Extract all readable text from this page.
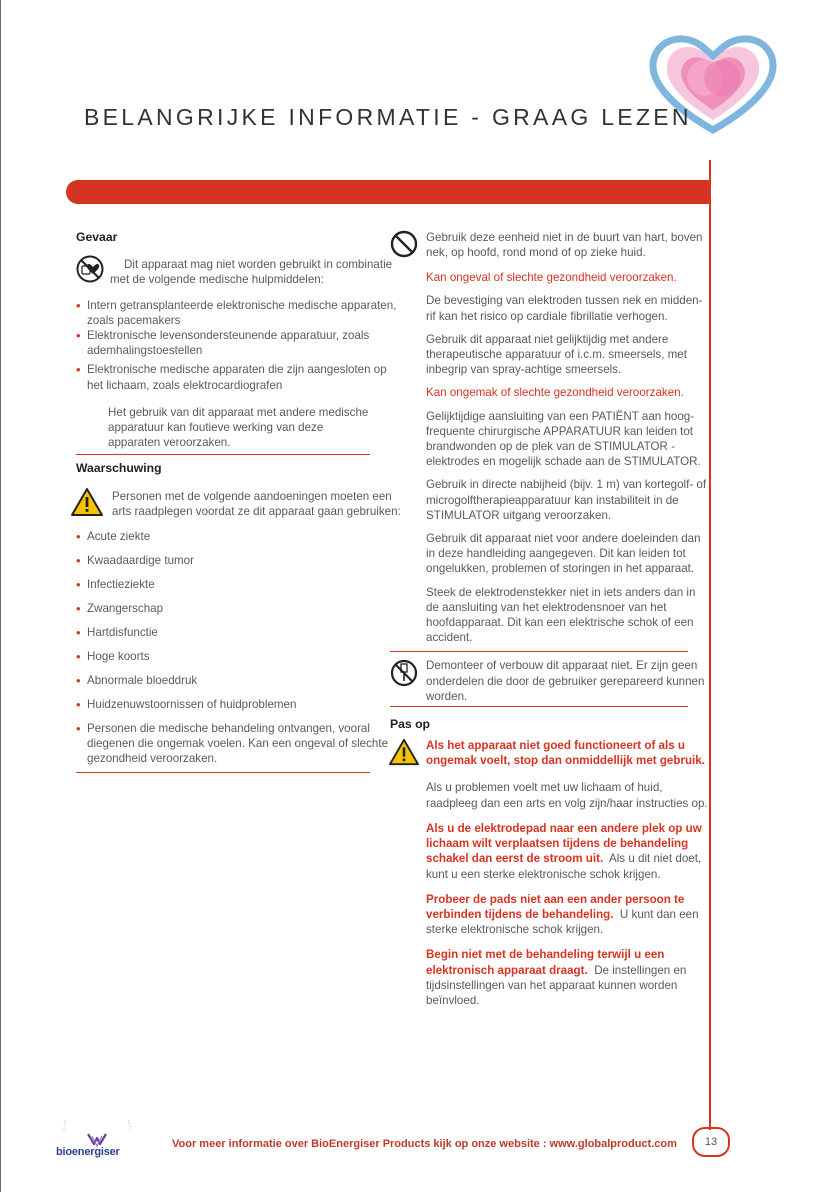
BELANGRIJKE INFORMATIE - GRAAG LEZEN
Gevaar

Dit apparaat mag niet worden gebruikt in combinatie met de volgende medische hulpmiddelen:

• Intern getransplanteerde elektronische medische apparaten, zoals pacemakers
• Elektronische levensondersteunende apparatuur, zoals ademhalingstoestellen
• Elektronische medische apparaten die zijn aangesloten op het lichaam, zoals elektrocardiografen

Het gebruik van dit apparaat met andere medische apparatuur kan foutieve werking van deze apparaten veroorzaken.

Waarschuwing

Personen met de volgende aandoeningen moeten een arts raadplegen voordat ze dit apparaat gaan gebruiken:

• Acute ziekte
• Kwaadaardige tumor
• Infectieziekte
• Zwangerschap
• Hartdisfunctie
• Hoge koorts
• Abnormale bloeddruk
• Huidzenuwstoornissen of huidproblemen
• Personen die medische behandeling ontvangen, vooral diegenen die ongemak voelen. Kan een ongeval of slechte gezondheid veroorzaken.

Gebruik deze eenheid niet in de buurt van hart, boven nek, op hoofd, rond mond of op zieke huid.

Kan ongeval of slechte gezondheid veroorzaken.

De bevestiging van elektroden tussen nek en midden-rif kan het risico op cardiale fibrillatie verhogen.

Gebruik dit apparaat niet gelijktijdig met andere therapeutische apparatuur of i.c.m. smeersels, met inbegrip van spray-achtige smeersels.

Kan ongemak of slechte gezondheid veroorzaken.

Gelijktijdige aansluiting van een PATIËNT aan hoog-frequente chirurgische APPARATUUR kan leiden tot brandwonden op de plek van de STIMULATOR -elektrodes en mogelijk schade aan de STIMULATOR.

Gebruik in directe nabijheid (bijv. 1 m) van kortegolf- of microgolftherapieapparatuur kan instabiliteit in de STIMULATOR uitgang veroorzaken.

Gebruik dit apparaat niet voor andere doeleinden dan in deze handleiding aangegeven. Dit kan leiden tot ongelukken, problemen of storingen in het apparaat.

Steek de elektrodenstekker niet in iets anders dan in de aansluiting van het elektrodensnoer van het hoofdapparaat. Dit kan een elektrische schok of een accident.

Demonteer of verbouw dit apparaat niet. Er zijn geen onderdelen die door de gebruiker gerepareerd kunnen worden.

Pas op

Als het apparaat niet goed functioneert of als u ongemak voelt, stop dan onmiddellijk met gebruik.

Als u problemen voelt met uw lichaam of huid, raadpleeg dan een arts en volg zijn/haar instructies op.

Als u de elektrodepad naar een andere plek op uw lichaam wilt verplaatsen tijdens de behandeling schakel dan eerst de stroom uit. Als u dit niet doet, kunt u een sterke elektronische schok krijgen.

Probeer de pads niet aan een ander persoon te verbinden tijdens de behandeling. U kunt dan een sterke elektronische schok krijgen.

Begin niet met de behandeling terwijl u een elektronisch apparaat draagt. De instellingen en tijdsinstellingen van het apparaat kunnen worden beïnvloed.

bioenergiser
Voor meer informatie over BioEnergiser Products kijk op onze website : www.globalproduct.com	13
